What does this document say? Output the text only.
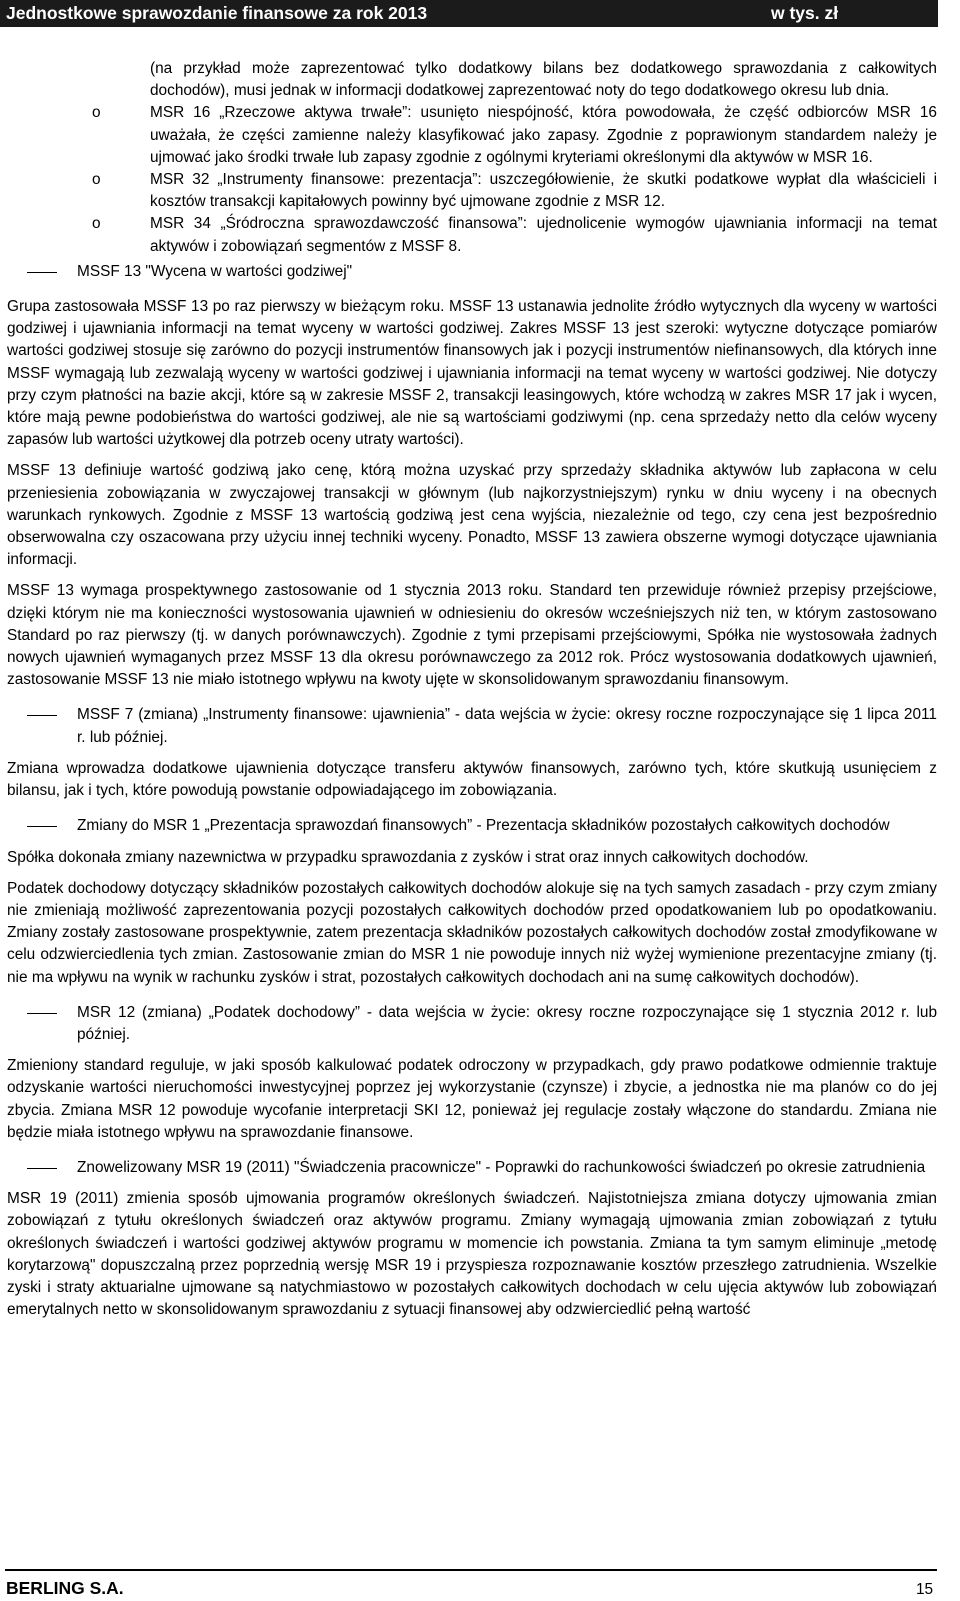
Jednostkowe sprawozdanie finansowe za rok 2013	w tys. zł
(na przykład może zaprezentować tylko dodatkowy bilans bez dodatkowego sprawozdania z całkowitych dochodów), musi jednak w informacji dodatkowej zaprezentować noty do tego dodatkowego okresu lub dnia.
o	MSR 16 „Rzeczowe aktywa trwałe”: usunięto niespójność, która powodowała, że część odbiorców MSR 16 uważała, że części zamienne należy klasyfikować jako zapasy. Zgodnie z poprawionym standardem należy je ujmować jako środki trwałe lub zapasy zgodnie z ogólnymi kryteriami określonymi dla aktywów w MSR 16.
o	MSR 32 „Instrumenty finansowe: prezentacja”: uszczegółowienie, że skutki podatkowe wypłat dla właścicieli i kosztów transakcji kapitałowych powinny być ujmowane zgodnie z MSR 12.
o	MSR 34 „Śródroczna sprawozdawczość finansowa”: ujednolicenie wymogów ujawniania informacji na temat aktywów i zobowiązań segmentów z MSSF 8.
MSSF 13 "Wycena w wartości godziwej"

Grupa zastosowała MSSF 13 po raz pierwszy w bieżącym roku. MSSF 13 ustanawia jednolite źródło wytycznych dla wyceny w wartości godziwej i ujawniania informacji na temat wyceny w wartości godziwej. Zakres MSSF 13 jest szeroki: wytyczne dotyczące pomiarów wartości godziwej stosuje się zarówno do pozycji instrumentów finansowych jak i pozycji instrumentów niefinansowych, dla których inne MSSF wymagają lub zezwalają wyceny w wartości godziwej i ujawniania informacji na temat wyceny w wartości godziwej. Nie dotyczy przy czym płatności na bazie akcji, które są w zakresie MSSF 2, transakcji leasingowych, które wchodzą w zakres MSR 17 jak i wycen, które mają pewne podobieństwa do wartości godziwej, ale nie są wartościami godziwymi (np. cena sprzedaży netto dla celów wyceny zapasów lub wartości użytkowej dla potrzeb oceny utraty wartości).

MSSF 13 definiuje wartość godziwą jako cenę, którą można uzyskać przy sprzedaży składnika aktywów lub zapłacona w celu przeniesienia zobowiązania w zwyczajowej transakcji w głównym (lub najkorzystniejszym) rynku w dniu wyceny i na obecnych warunkach rynkowych. Zgodnie z MSSF 13 wartością godziwą jest cena wyjścia, niezależnie od tego, czy cena jest bezpośrednio obserwowalna czy oszacowana przy użyciu innej techniki wyceny. Ponadto, MSSF 13 zawiera obszerne wymogi dotyczące ujawniania informacji.

MSSF 13 wymaga prospektywnego zastosowanie od 1 stycznia 2013 roku. Standard ten przewiduje również przepisy przejściowe, dzięki którym nie ma konieczności wystosowania ujawnień w odniesieniu do okresów wcześniejszych niż ten, w którym zastosowano Standard po raz pierwszy (tj. w danych porównawczych). Zgodnie z tymi przepisami przejściowymi, Spółka nie wystosowała żadnych nowych ujawnień wymaganych przez MSSF 13 dla okresu porównawczego za 2012 rok. Prócz wystosowania dodatkowych ujawnień, zastosowanie MSSF 13 nie miało istotnego wpływu na kwoty ujęte w skonsolidowanym sprawozdaniu finansowym.

MSSF 7 (zmiana) „Instrumenty finansowe: ujawnienia” - data wejścia w życie: okresy roczne rozpoczynające się 1 lipca 2011 r. lub później.

Zmiana wprowadza dodatkowe ujawnienia dotyczące transferu aktywów finansowych, zarówno tych, które skutkują usunięciem z bilansu, jak i tych, które powodują powstanie odpowiadającego im zobowiązania.

Zmiany do MSR 1 „Prezentacja sprawozdań finansowych” - Prezentacja składników pozostałych całkowitych dochodów

Spółka dokonała zmiany nazewnictwa w przypadku sprawozdania z zysków i strat oraz innych całkowitych dochodów.

Podatek dochodowy dotyczący składników pozostałych całkowitych dochodów alokuje się na tych samych zasadach - przy czym zmiany nie zmieniają możliwość zaprezentowania pozycji pozostałych całkowitych dochodów przed opodatkowaniem lub po opodatkowaniu. Zmiany zostały zastosowane prospektywnie, zatem prezentacja składników pozostałych całkowitych dochodów został zmodyfikowane w celu odzwierciedlenia tych zmian. Zastosowanie zmian do MSR 1 nie powoduje innych niż wyżej wymienione prezentacyjne zmiany (tj. nie ma wpływu na wynik w rachunku zysków i strat, pozostałych całkowitych dochodach ani na sumę całkowitych dochodów).

MSR 12 (zmiana) „Podatek dochodowy” - data wejścia w życie: okresy roczne rozpoczynające się 1 stycznia 2012 r. lub później.

Zmieniony standard reguluje, w jaki sposób kalkulować podatek odroczony w przypadkach, gdy prawo podatkowe odmiennie traktuje odzyskanie wartości nieruchomości inwestycyjnej poprzez jej wykorzystanie (czynsze) i zbycie, a jednostka nie ma planów co do jej zbycia. Zmiana MSR 12 powoduje wycofanie interpretacji SKI 12, ponieważ jej regulacje zostały włączone do standardu. Zmiana nie będzie miała istotnego wpływu na sprawozdanie finansowe.

Znowelizowany MSR 19 (2011) "Świadczenia pracownicze" - Poprawki do rachunkowości świadczeń po okresie zatrudnienia

MSR 19 (2011) zmienia sposób ujmowania programów określonych świadczeń. Najistotniejsza zmiana dotyczy ujmowania zmian zobowiązań z tytułu określonych świadczeń oraz aktywów programu. Zmiany wymagają ujmowania zmian zobowiązań z tytułu określonych świadczeń i wartości godziwej aktywów programu w momencie ich powstania. Zmiana ta tym samym eliminuje „metodę korytarzową" dopuszczalną przez poprzednią wersję MSR 19 i przyspiesza rozpoznawanie kosztów przeszłego zatrudnienia. Wszelkie zyski i straty aktuarialne ujmowane są natychmiastowo w pozostałych całkowitych dochodach w celu ujęcia aktywów lub zobowiązań emerytalnych netto w skonsolidowanym sprawozdaniu z sytuacji finansowej aby odzwierciedlić pełną wartość

BERLING S.A.	15
